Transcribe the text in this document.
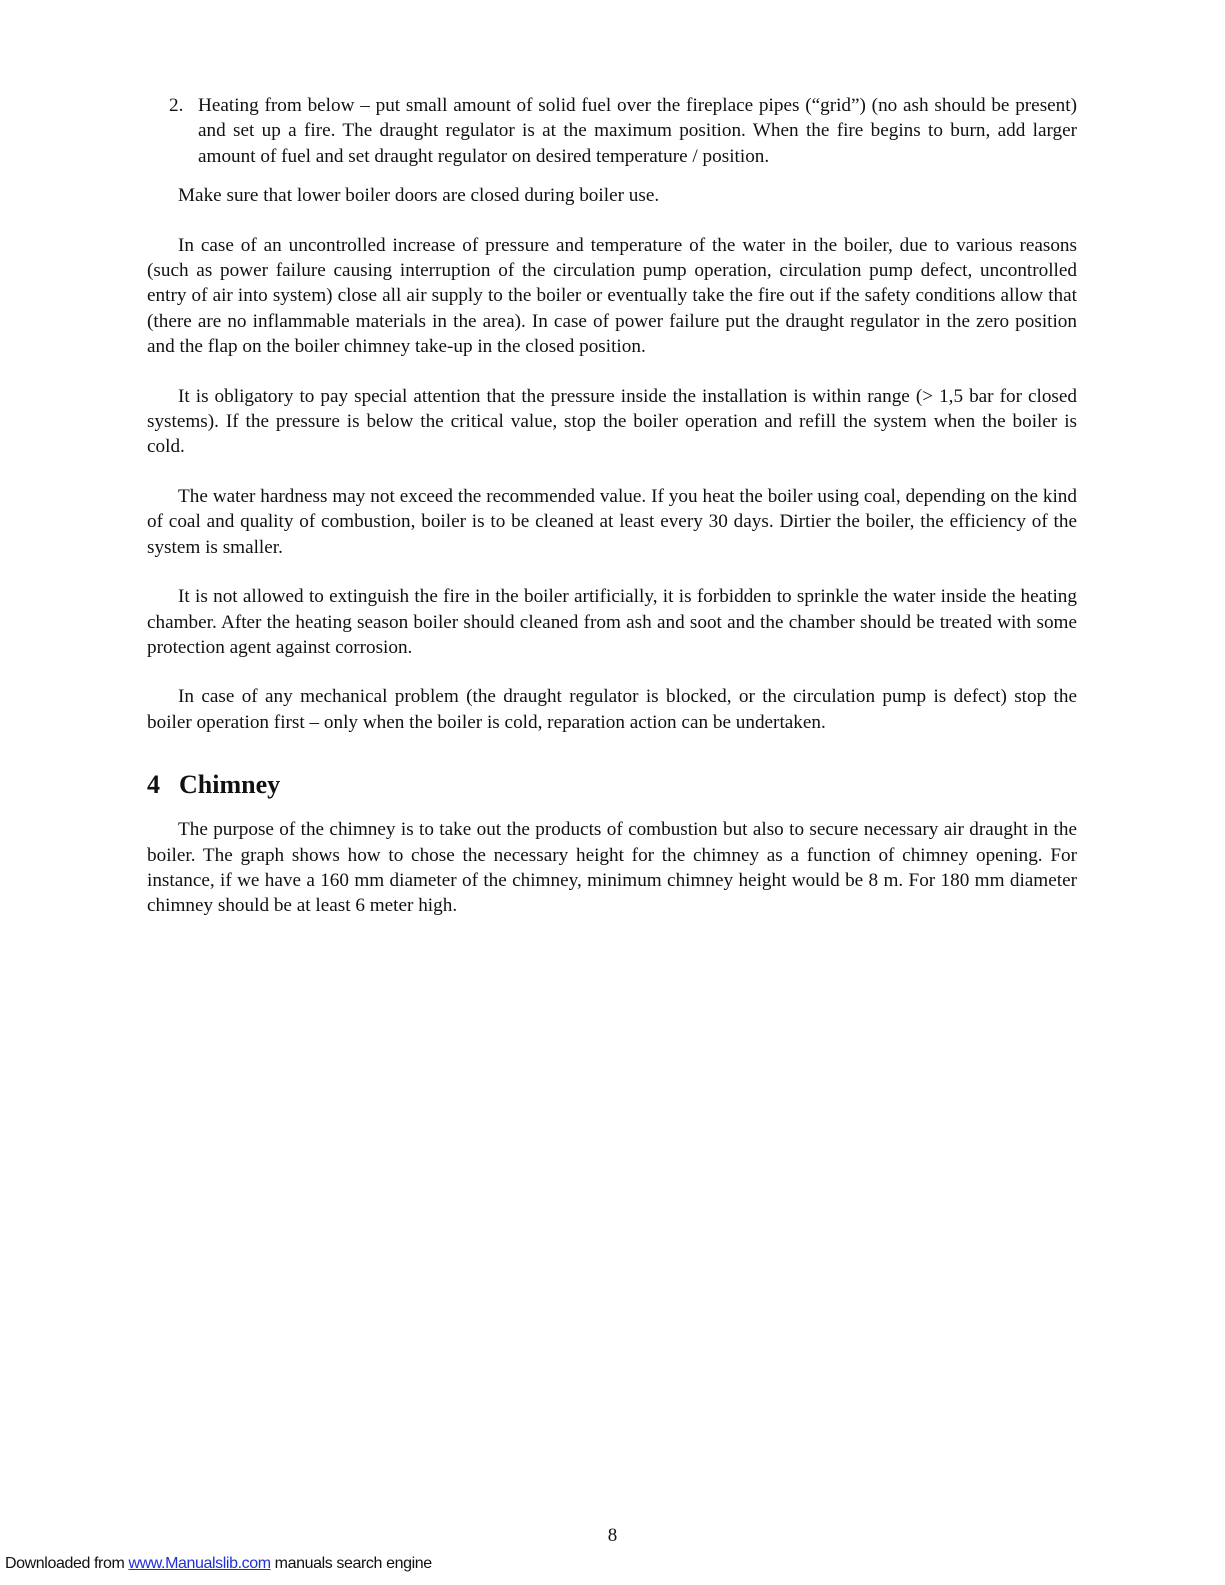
2. Heating from below – put small amount of solid fuel over the fireplace pipes (“grid”) (no ash should be present) and set up a fire. The draught regulator is at the maximum position. When the fire begins to burn, add larger amount of fuel and set draught regulator on desired temperature / position.

Make sure that lower boiler doors are closed during boiler use.

In case of an uncontrolled increase of pressure and temperature of the water in the boiler, due to various reasons (such as power failure causing interruption of the circulation pump operation, circulation pump defect, uncontrolled entry of air into system) close all air supply to the boiler or eventually take the fire out if the safety conditions allow that (there are no inflammable materials in the area). In case of power failure put the draught regulator in the zero position and the flap on the boiler chimney take-up in the closed position.

It is obligatory to pay special attention that the pressure inside the installation is within range (> 1,5 bar for closed systems). If the pressure is below the critical value, stop the boiler operation and refill the system when the boiler is cold.

The water hardness may not exceed the recommended value. If you heat the boiler using coal, depending on the kind of coal and quality of combustion, boiler is to be cleaned at least every 30 days. Dirtier the boiler, the efficiency of the system is smaller.

It is not allowed to extinguish the fire in the boiler artificially, it is forbidden to sprinkle the water inside the heating chamber. After the heating season boiler should cleaned from ash and soot and the chamber should be treated with some protection agent against corrosion.

In case of any mechanical problem (the draught regulator is blocked, or the circulation pump is defect) stop the boiler operation first – only when the boiler is cold, reparation action can be undertaken.

4 Chimney

The purpose of the chimney is to take out the products of combustion but also to secure necessary air draught in the boiler. The graph shows how to chose the necessary height for the chimney as a function of chimney opening. For instance, if we have a 160 mm diameter of the chimney, minimum chimney height would be 8 m. For 180 mm diameter chimney should be at least 6 meter high.

8
Downloaded from www.Manualslib.com manuals search engine
